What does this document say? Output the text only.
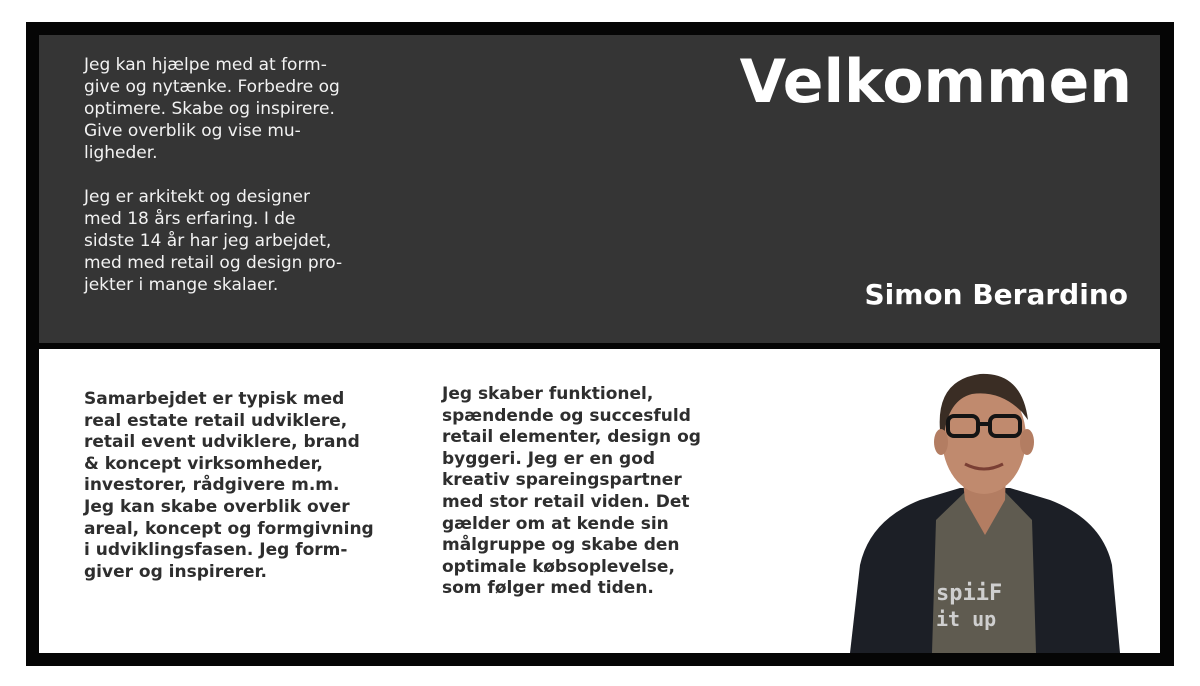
Jeg kan hjælpe med at form-
give og nytænke. Forbedre og
optimere. Skabe og inspirere.
Give overblik og vise mu-
ligheder.

Jeg er arkitekt og designer
med 18 års erfaring. I de
sidste 14 år har jeg arbejdet,
med med retail og design pro-
jekter i mange skalaer.
Velkommen
Simon Berardino
Samarbejdet er typisk med
real estate retail udviklere,
retail event udviklere, brand
& koncept virksomheder,
investorer, rådgivere m.m.
Jeg kan skabe overblik over
areal, koncept og formgivning
i udviklingsfasen. Jeg form-
giver og inspirerer.
Jeg skaber funktionel,
spændende og succesfuld
retail elementer, design og
byggeri. Jeg er en god
kreativ spareingspartner
med stor retail viden. Det
gælder om at kende sin
målgruppe og skabe den
optimale købsoplevelse,
som følger med tiden.	spiiF
it up
